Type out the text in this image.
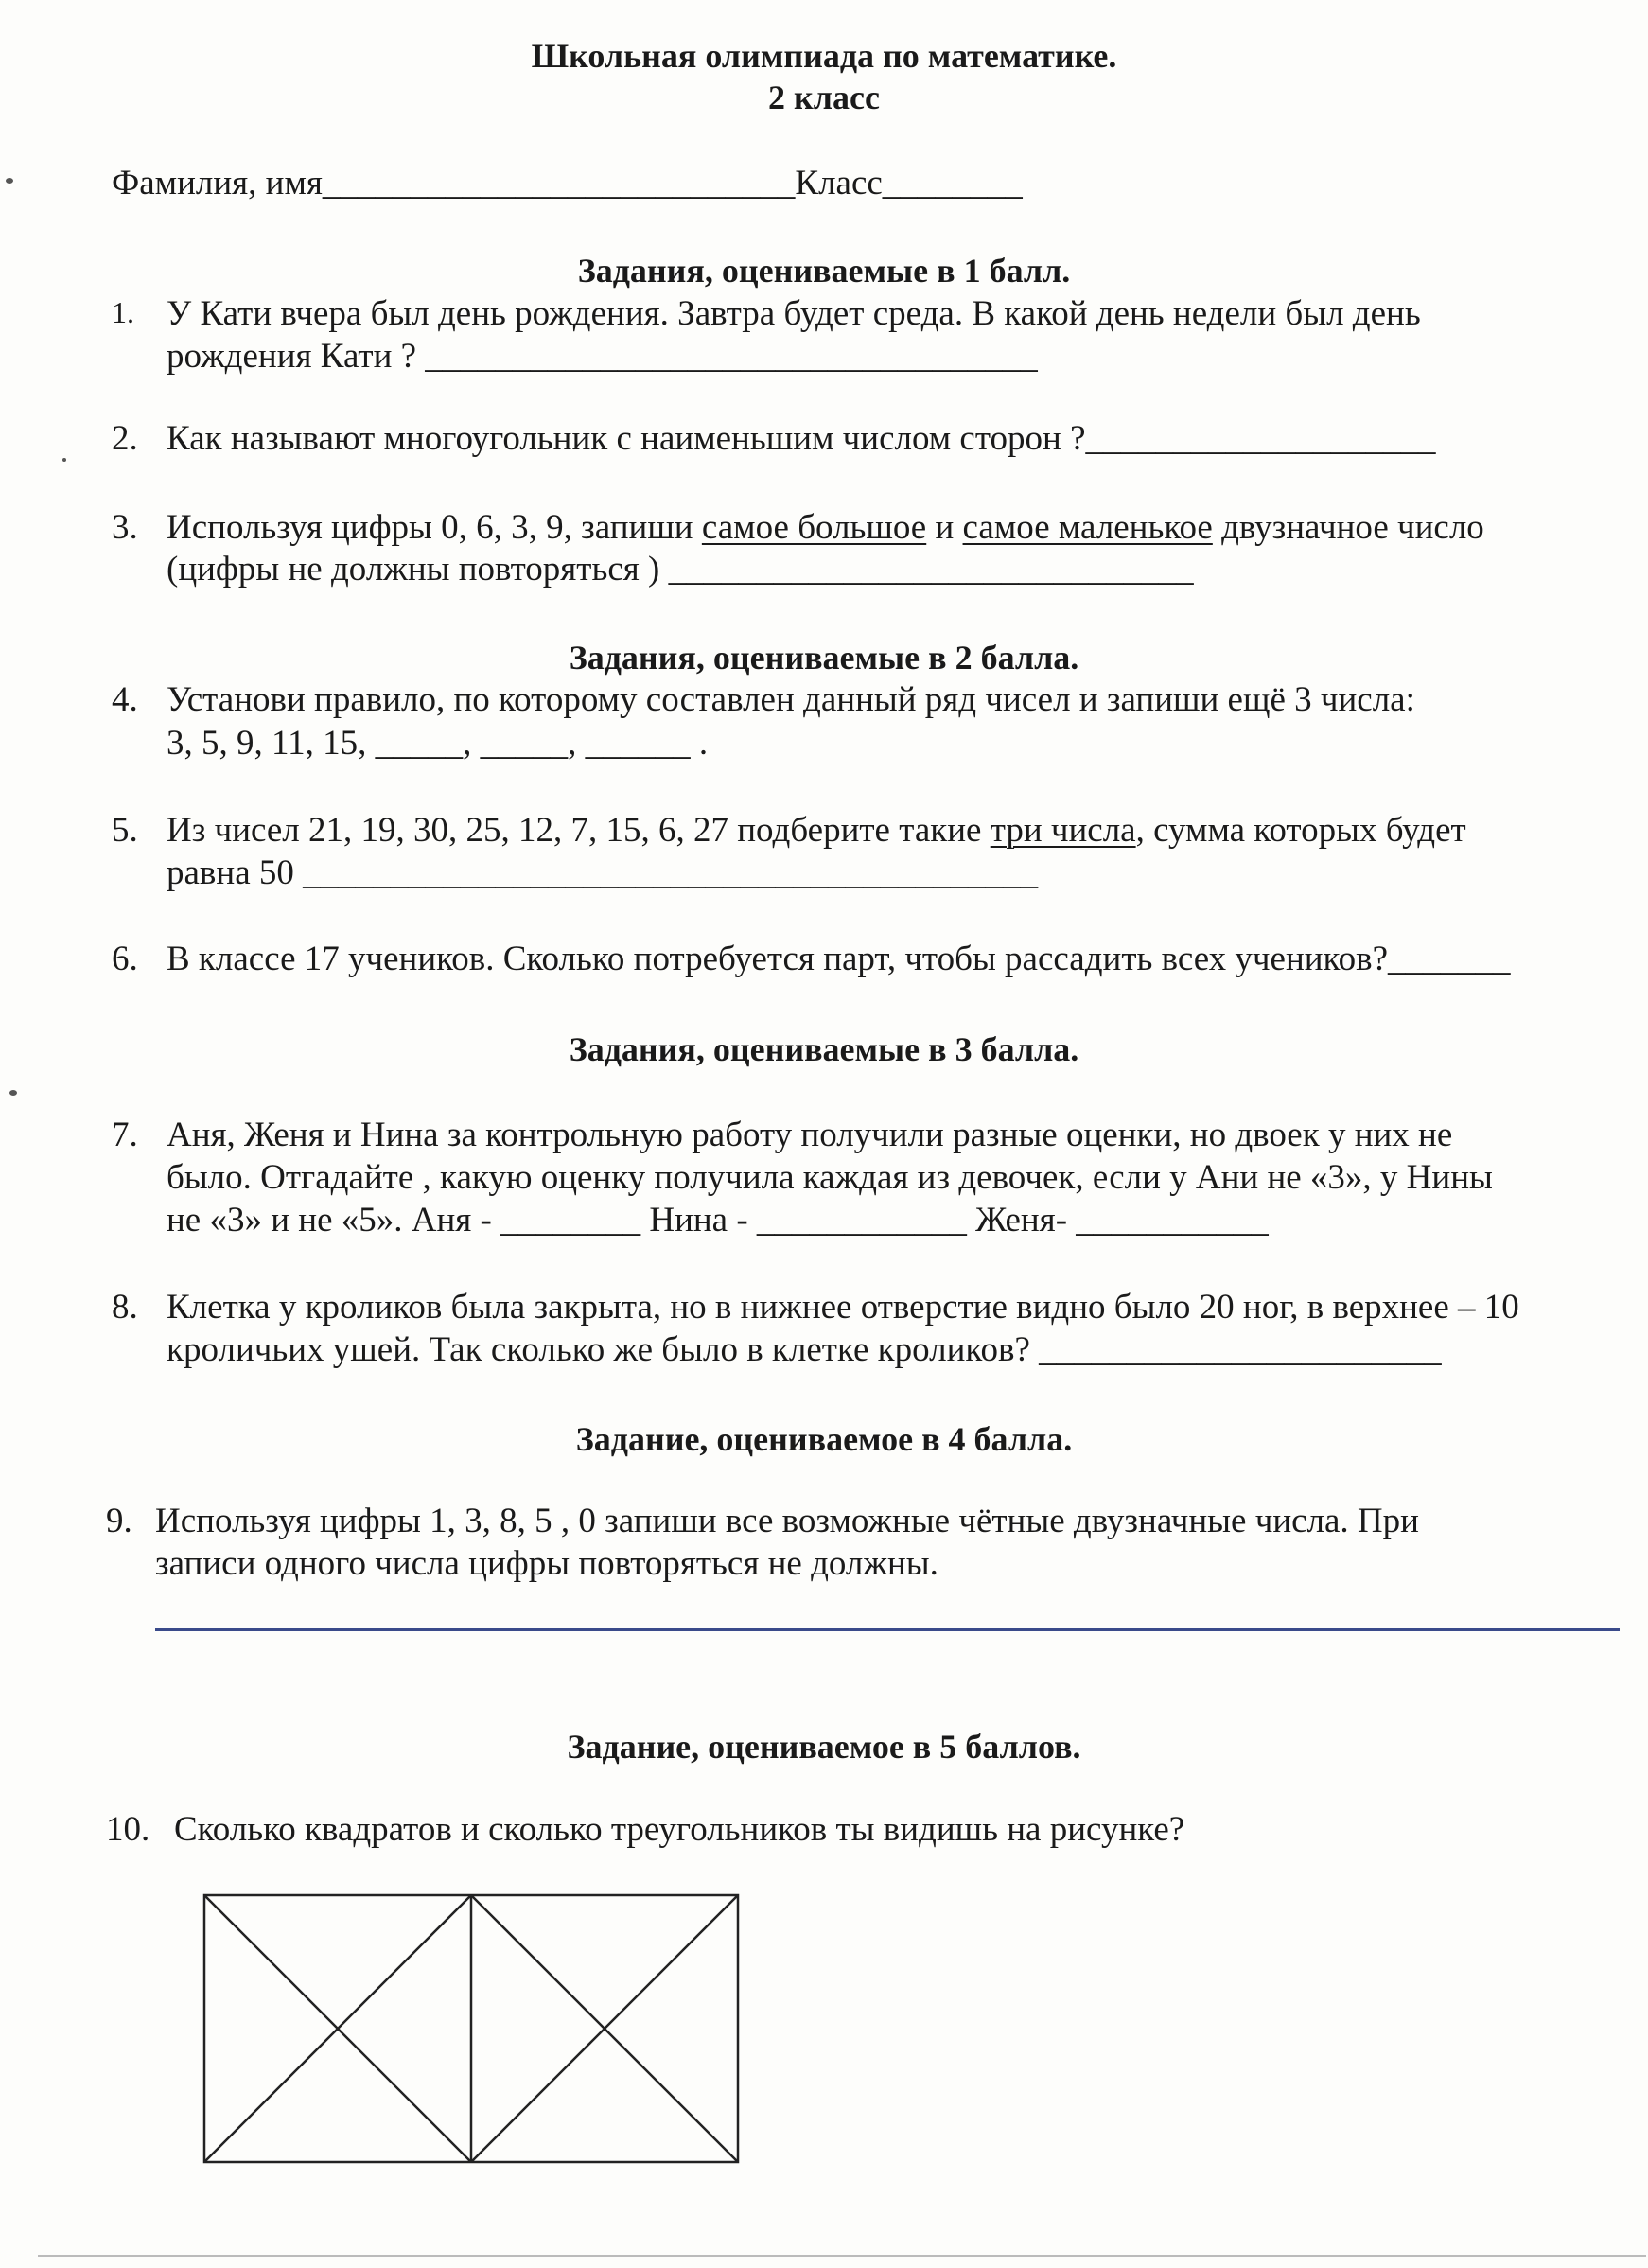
Школьная олимпиада по математике.
2 класс
Фамилия, имя___________________________Класс________
Задания, оцениваемые в 1 балл.
1. У Кати вчера был день рождения. Завтра будет среда. В какой день недели был день
рождения Кати ? ___________________________________
2. Как называют многоугольник с наименьшим числом сторон ?____________________
3. Используя цифры 0, 6, 3, 9, запиши самое большое и самое маленькое двузначное число
(цифры не должны повторяться ) ______________________________
Задания, оцениваемые в 2 балла.
4. Установи правило, по которому составлен данный ряд чисел и запиши ещё 3 числа:
3, 5, 9, 11, 15, _____, _____, ______ .
5. Из чисел 21, 19, 30, 25, 12, 7, 15, 6, 27 подберите такие три числа, сумма которых будет
равна 50 __________________________________________
6. В классе 17 учеников. Сколько потребуется парт, чтобы рассадить всех учеников?_______
Задания, оцениваемые в 3 балла.
7. Аня, Женя и Нина за контрольную работу получили разные оценки, но двоек у них не
было. Отгадайте , какую оценку получила каждая из девочек, если у Ани не «3», у Нины
не «3» и не «5». Аня - ________ Нина - ____________ Женя- ___________
8. Клетка у кроликов была закрыта, но в нижнее отверстие видно было 20 ног, в верхнее – 10
кроличьих ушей. Так сколько же было в клетке кроликов? _______________________
Задание, оцениваемое в 4 балла.
9. Используя цифры 1, 3, 8, 5 , 0 запиши все возможные чётные двузначные числа. При
записи одного числа цифры повторяться не должны.
Задание, оцениваемое в 5 баллов.
10. Сколько квадратов и сколько треугольников ты видишь на рисунке?
